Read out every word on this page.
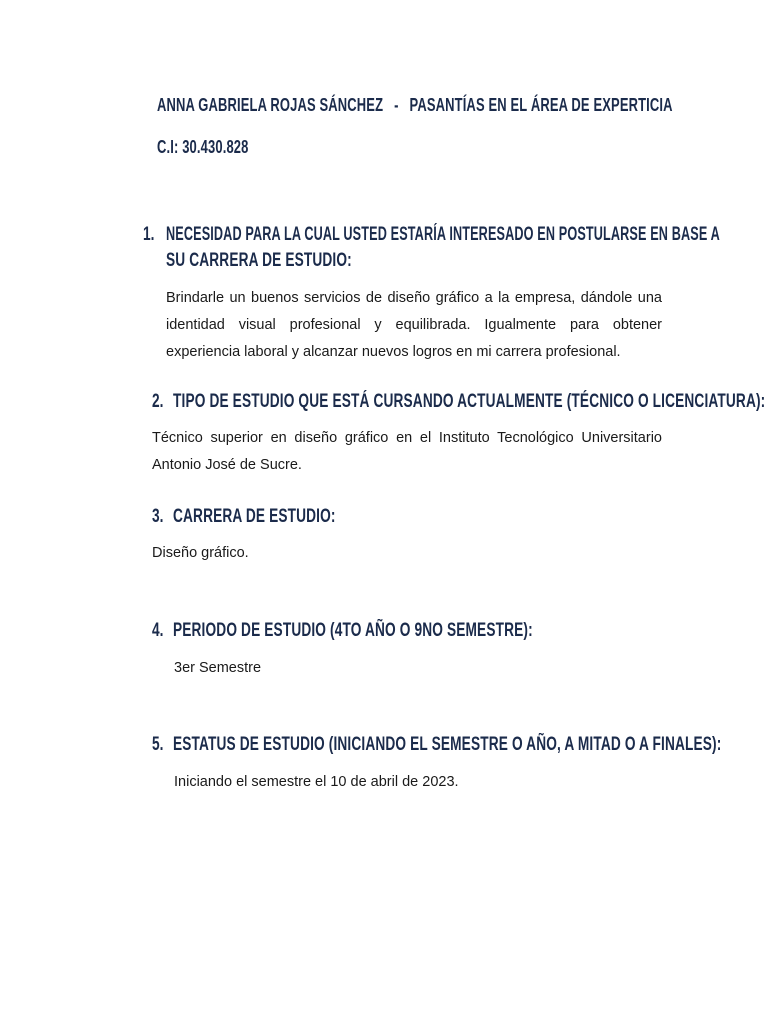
ANNA GABRIELA ROJAS SÁNCHEZ - PASANTÍAS EN EL ÁREA DE EXPERTICIA
C.I: 30.430.828
1. NECESIDAD PARA LA CUAL USTED ESTARÍA INTERESADO EN POSTULARSE EN BASE A
SU CARRERA DE ESTUDIO:
Brindarle un buenos servicios de diseño gráfico a la empresa, dándole una identidad visual profesional y equilibrada. Igualmente para obtener experiencia laboral y alcanzar nuevos logros en mi carrera profesional.
2. TIPO DE ESTUDIO QUE ESTÁ CURSANDO ACTUALMENTE (TÉCNICO O LICENCIATURA):
Técnico superior en diseño gráfico en el Instituto Tecnológico Universitario Antonio José de Sucre.
3. CARRERA DE ESTUDIO:
Diseño gráfico.
4. PERIODO DE ESTUDIO (4TO AÑO O 9NO SEMESTRE):
3er Semestre
5. ESTATUS DE ESTUDIO (INICIANDO EL SEMESTRE O AÑO, A MITAD O A FINALES):
Iniciando el semestre el 10 de abril de 2023.
